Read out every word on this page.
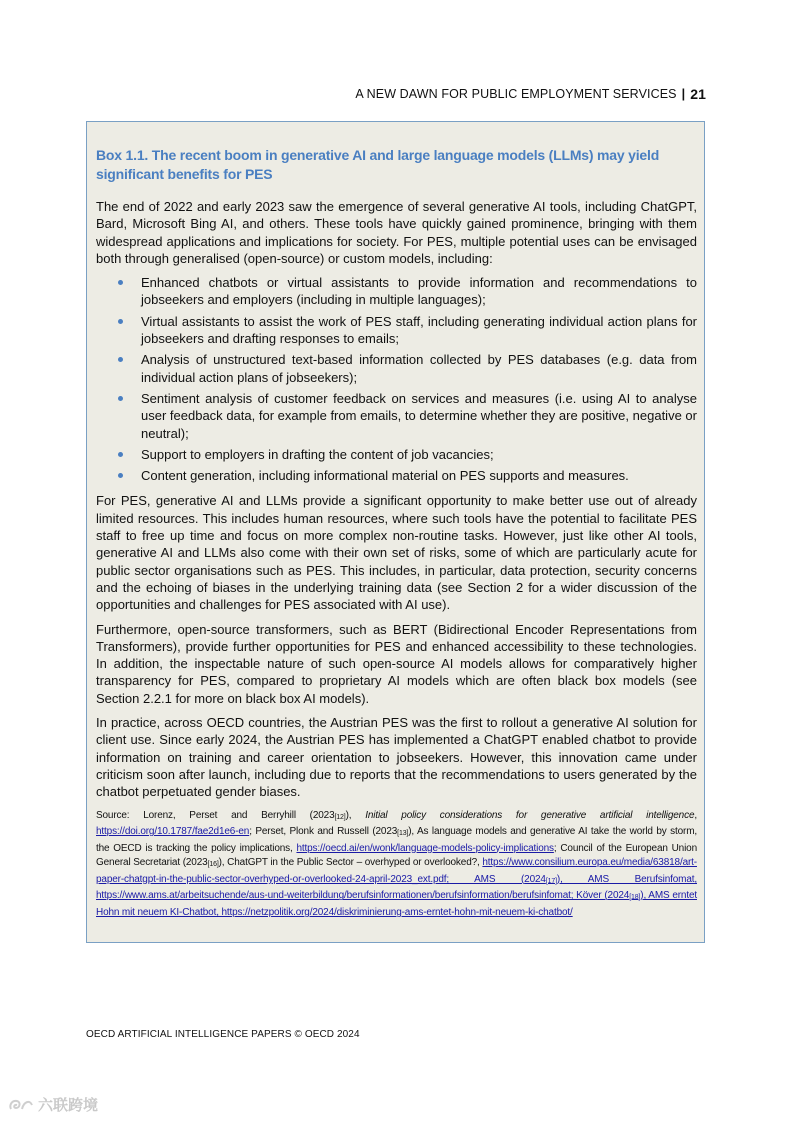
A NEW DAWN FOR PUBLIC EMPLOYMENT SERVICES | 21
Box 1.1. The recent boom in generative AI and large language models (LLMs) may yield significant benefits for PES

The end of 2022 and early 2023 saw the emergence of several generative AI tools, including ChatGPT, Bard, Microsoft Bing AI, and others. These tools have quickly gained prominence, bringing with them widespread applications and implications for society. For PES, multiple potential uses can be envisaged both through generalised (open-source) or custom models, including:

Enhanced chatbots or virtual assistants to provide information and recommendations to jobseekers and employers (including in multiple languages);
Virtual assistants to assist the work of PES staff, including generating individual action plans for jobseekers and drafting responses to emails;
Analysis of unstructured text-based information collected by PES databases (e.g. data from individual action plans of jobseekers);
Sentiment analysis of customer feedback on services and measures (i.e. using AI to analyse user feedback data, for example from emails, to determine whether they are positive, negative or neutral);
Support to employers in drafting the content of job vacancies;
Content generation, including informational material on PES supports and measures.

For PES, generative AI and LLMs provide a significant opportunity to make better use out of already limited resources. This includes human resources, where such tools have the potential to facilitate PES staff to free up time and focus on more complex non-routine tasks. However, just like other AI tools, generative AI and LLMs also come with their own set of risks, some of which are particularly acute for public sector organisations such as PES. This includes, in particular, data protection, security concerns and the echoing of biases in the underlying training data (see Section 2 for a wider discussion of the opportunities and challenges for PES associated with AI use).

Furthermore, open-source transformers, such as BERT (Bidirectional Encoder Representations from Transformers), provide further opportunities for PES and enhanced accessibility to these technologies. In addition, the inspectable nature of such open-source AI models allows for comparatively higher transparency for PES, compared to proprietary AI models which are often black box models (see Section 2.2.1 for more on black box AI models).

In practice, across OECD countries, the Austrian PES was the first to rollout a generative AI solution for client use. Since early 2024, the Austrian PES has implemented a ChatGPT enabled chatbot to provide information on training and career orientation to jobseekers. However, this innovation came under criticism soon after launch, including due to reports that the recommendations to users generated by the chatbot perpetuated gender biases.

Source: Lorenz, Perset and Berryhill (2023[12]), Initial policy considerations for generative artificial intelligence, https://doi.org/10.1787/fae2d1e6-en; Perset, Plonk and Russell (2023[13]), As language models and generative AI take the world by storm, the OECD is tracking the policy implications, https://oecd.ai/en/wonk/language-models-policy-implications; Council of the European Union General Secretariat (2023[16]), ChatGPT in the Public Sector – overhyped or overlooked?, https://www.consilium.europa.eu/media/63818/art-paper-chatgpt-in-the-public-sector-overhyped-or-overlooked-24-april-2023_ext.pdf; AMS (2024[17]), AMS Berufsinfomat, https://www.ams.at/arbeitsuchende/aus-und-weiterbildung/berufsinformationen/berufsinformation/berufsinfomat; Köver (2024[18]), AMS erntet Hohn mit neuem KI-Chatbot, https://netzpolitik.org/2024/diskriminierung-ams-erntet-hohn-mit-neuem-ki-chatbot/
OECD ARTIFICIAL INTELLIGENCE PAPERS © OECD 2024
六联跨境
